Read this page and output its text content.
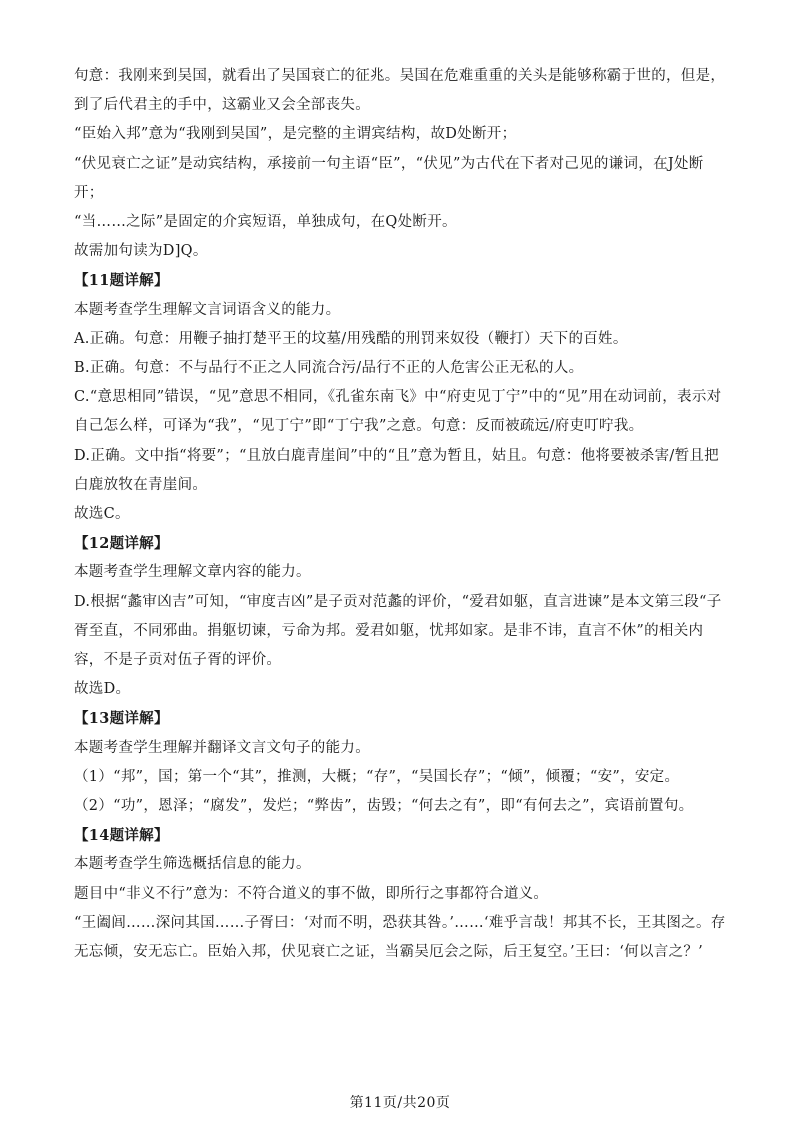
句意：我刚来到吴国，就看出了吴国衰亡的征兆。吴国在危难重重的关头是能够称霸于世的，但是，到了后代君主的手中，这霸业又会全部丧失。

“臣始入邦”意为“我刚到吴国”，是完整的主谓宾结构，故D处断开；

“伏见衰亡之证”是动宾结构，承接前一句主语“臣”，“伏见”为古代在下者对己见的谦词，在J处断开；

“当……之际”是固定的介宾短语，单独成句，在Q处断开。

故需加句读为D]Q。

【11题详解】

本题考查学生理解文言词语含义的能力。

A.正确。句意：用鞭子抽打楚平王的坟墓/用残酷的刑罚来奴役（鞭打）天下的百姓。

B.正确。句意：不与品行不正之人同流合污/品行不正的人危害公正无私的人。

C.“意思相同”错误，“见”意思不相同，《孔雀东南飞》中“府吏见丁宁”中的“见”用在动词前，表示对自己怎么样，可译为“我”，“见丁宁”即“丁宁我”之意。句意：反而被疏远/府吏叮咛我。

D.正确。文中指“将要”；“且放白鹿青崖间”中的“且”意为暂且，姑且。句意：他将要被杀害/暂且把白鹿放牧在青崖间。

故选C。

【12题详解】

本题考查学生理解文章内容的能力。

D.根据“蠡审凶吉”可知，“审度吉凶”是子贡对范蠡的评价，“爱君如躯，直言进谏”是本文第三段“子胥至直，不同邪曲。捐躯切谏，亏命为邦。爱君如躯，忧邦如家。是非不讳，直言不休”的相关内容，不是子贡对伍子胥的评价。

故选D。

【13题详解】

本题考查学生理解并翻译文言文句子的能力。

（1）“邦”，国；第一个“其”，推测，大概；“存”，“吴国长存”；“倾”，倾覆；“安”，安定。

（2）“功”，恩泽；“腐发”，发烂；“弊齿”，齿毁；“何去之有”，即“有何去之”，宾语前置句。

【14题详解】

本题考查学生筛选概括信息的能力。

题目中“非义不行”意为：不符合道义的事不做，即所行之事都符合道义。

“王阖闾……深问其国……子胥曰：‘对而不明，恐获其咎。’……‘难乎言哉！邦其不长，王其图之。存无忘倾，安无忘亡。臣始入邦，伏见衰亡之证，当霸吴厄会之际，后王复空。’王曰：‘何以言之？’

第11页/共20页
